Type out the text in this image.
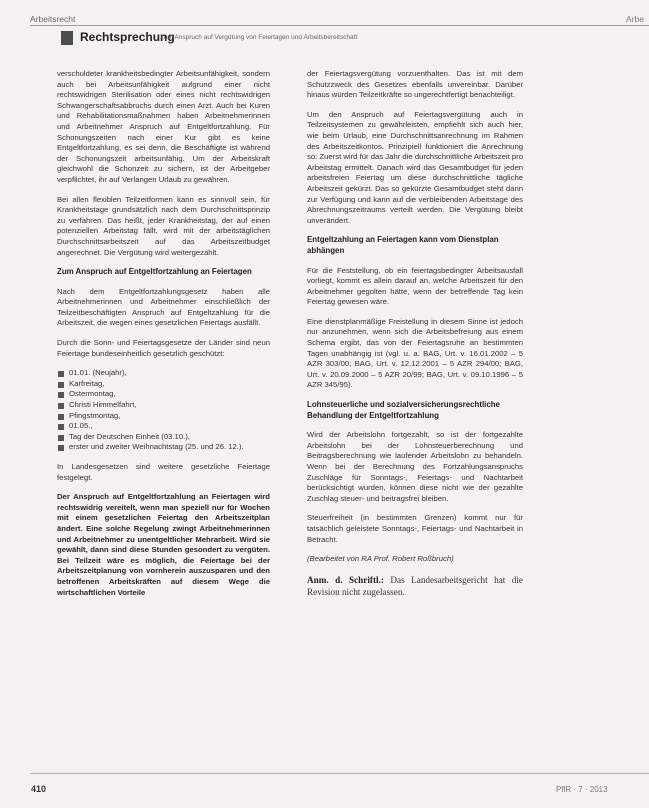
Arbeitsrecht	Arbe
Rechtsprechung
Zum Anspruch auf Vergütung von Feiertagen und Arbeitsbereitschaft

verschuldeter krankheitsbedingter Arbeitsunfähigkeit, sondern auch bei Arbeitsunfähigkeit aufgrund einer nicht rechtswidrigen Sterilisation oder eines nicht rechtswidrigen Schwangerschaftsabbruchs durch einen Arzt. Auch bei Kuren und Rehabilitationsmaßnahmen haben Arbeitnehmerinnen und Arbeitnehmer Anspruch auf Entgeltfortzahlung. Für Schonungszeiten nach einer Kur gibt es keine Entgeltfortzahlung, es sei denn, die Beschäftigte ist während der Schonungszeit arbeitsunfähig. Um der Arbeitskraft gleichwohl die Schonzeit zu sichern, ist der Arbeitgeber verpflichtet, ihr auf Verlangen Urlaub zu gewähren.

Bei allen flexiblen Teilzeitformen kann es sinnvoll sein, für Krankheitstage grundsätzlich nach dem Durchschnittsprinzip zu verfahren. Das heißt, jeder Krankheitstag, der auf einen potenziellen Arbeitstag fällt, wird mit der arbeitstäglichen Durchschnittsarbeitszeit auf das Arbeitszeitbudget angerechnet. Die Vergütung wird weitergezahlt.

Zum Anspruch auf Entgeltfortzahlung an Feiertagen

Nach dem Entgeltfortzahlungsgesetz haben alle Arbeitnehmerinnen und Arbeitnehmer einschließlich der Teilzeitbeschäftigten Anspruch auf Entgeltzahlung für die Arbeitszeit, die wegen eines gesetzlichen Feiertags ausfällt.

Durch die Sonn- und Feiertagsgesetze der Länder sind neun Feiertage bundeseinheitlich gesetzlich geschützt:

01.01. (Neujahr),
Karfreitag,
Ostermontag,
Christi Himmelfahrt,
Pfingstmontag,
01.05.,
Tag der Deutschen Einheit (03.10.),
erster und zweiter Weihnachtstag (25. und 26. 12.).

In Landesgesetzen sind weitere gesetzliche Feiertage festgelegt.

Der Anspruch auf Entgeltfortzahlung an Feiertagen wird rechtswidrig vereitelt, wenn man speziell nur für Wochen mit einem gesetzlichen Feiertag den Arbeitszeitplan ändert. Eine solche Regelung zwingt Arbeitnehmerinnen und Arbeitnehmer zu unentgeltlicher Mehrarbeit. Wird sie gewählt, dann sind diese Stunden gesondert zu vergüten. Bei Teilzeit wäre es möglich, die Feiertage bei der Arbeitszeitplanung von vornherein auszusparen und den betroffenen Arbeitskräften auf diesem Wege die wirtschaftlichen Vorteile

der Feiertagsvergütung vorzuenthalten. Das ist mit dem Schutzzweck des Gesetzes ebenfalls unvereinbar. Darüber hinaus würden Teilzeitkräfte so ungerechtfertigt benachteiligt.

Um den Anspruch auf Feiertagsvergütung auch in Teilzeitsystemen zu gewährleisten, empfiehlt sich auch hier, wie beim Urlaub, eine Durchschnittsanrechnung im Rahmen des Arbeitszeitkontos. Prinzipiell funktioniert die Anrechnung so: Zuerst wird für das Jahr die durchschnittliche Arbeitszeit pro Arbeitstag ermittelt. Danach wird das Gesamtbudget für jeden arbeitsfreien Feiertag um diese durchschnittliche tägliche Arbeitszeit gekürzt. Das so gekürzte Gesamtbudget steht dann zur Verfügung und kann auf die verbleibenden Arbeitstage des Abrechnungszeitraums verteilt werden. Die Vergütung bleibt unverändert.

Entgeltzahlung an Feiertagen kann vom Dienstplan abhängen

Für die Feststellung, ob ein feiertagsbedingter Arbeitsausfall vorliegt, kommt es allein darauf an, welche Arbeitszeit für den Arbeitnehmer gegolten hätte, wenn der betreffende Tag kein Feiertag gewesen wäre.

Eine dienstplanmäßige Freistellung in diesem Sinne ist jedoch nur anzunehmen, wenn sich die Arbeitsbefreiung aus einem Schema ergibt, das von der Feiertagsruhe an bestimmten Tagen unabhängig ist (vgl. u. a. BAG, Urt. v. 16.01.2002 – 5 AZR 303/00; BAG, Urt. v. 12.12.2001 – 5 AZR 294/00; BAG, Urt. v. 20.09.2000 – 5 AZR 20/99; BAG, Urt. v. 09.10.1996 – 5 AZR 345/95).

Lohnsteuerliche und sozialversicherungsrechtliche Behandlung der Entgeltfortzahlung

Wird der Arbeitslohn fortgezahlt, so ist der fortgezahlte Arbeitslohn bei der Lohnsteuerberechnung und Beitragsberechnung wie laufender Arbeitslohn zu behandeln. Wenn bei der Berechnung des Fortzahlungsanspruchs Zuschläge für Sonntags-, Feiertags- und Nachtarbeit berücksichtigt wurden, können diese nicht wie der gezahlte Zuschlag steuer- und beitragsfrei bleiben.

Steuerfreiheit (in bestimmten Grenzen) kommt nur für tatsächlich geleistete Sonntags-, Feiertags- und Nachtarbeit in Betracht.

(Bearbeitet von RA Prof. Robert Roßbruch)

Anm. d. Schriftl.: Das Landesarbeitsgericht hat die Revision nicht zugelassen.

410	PflR · 7 · 2013
